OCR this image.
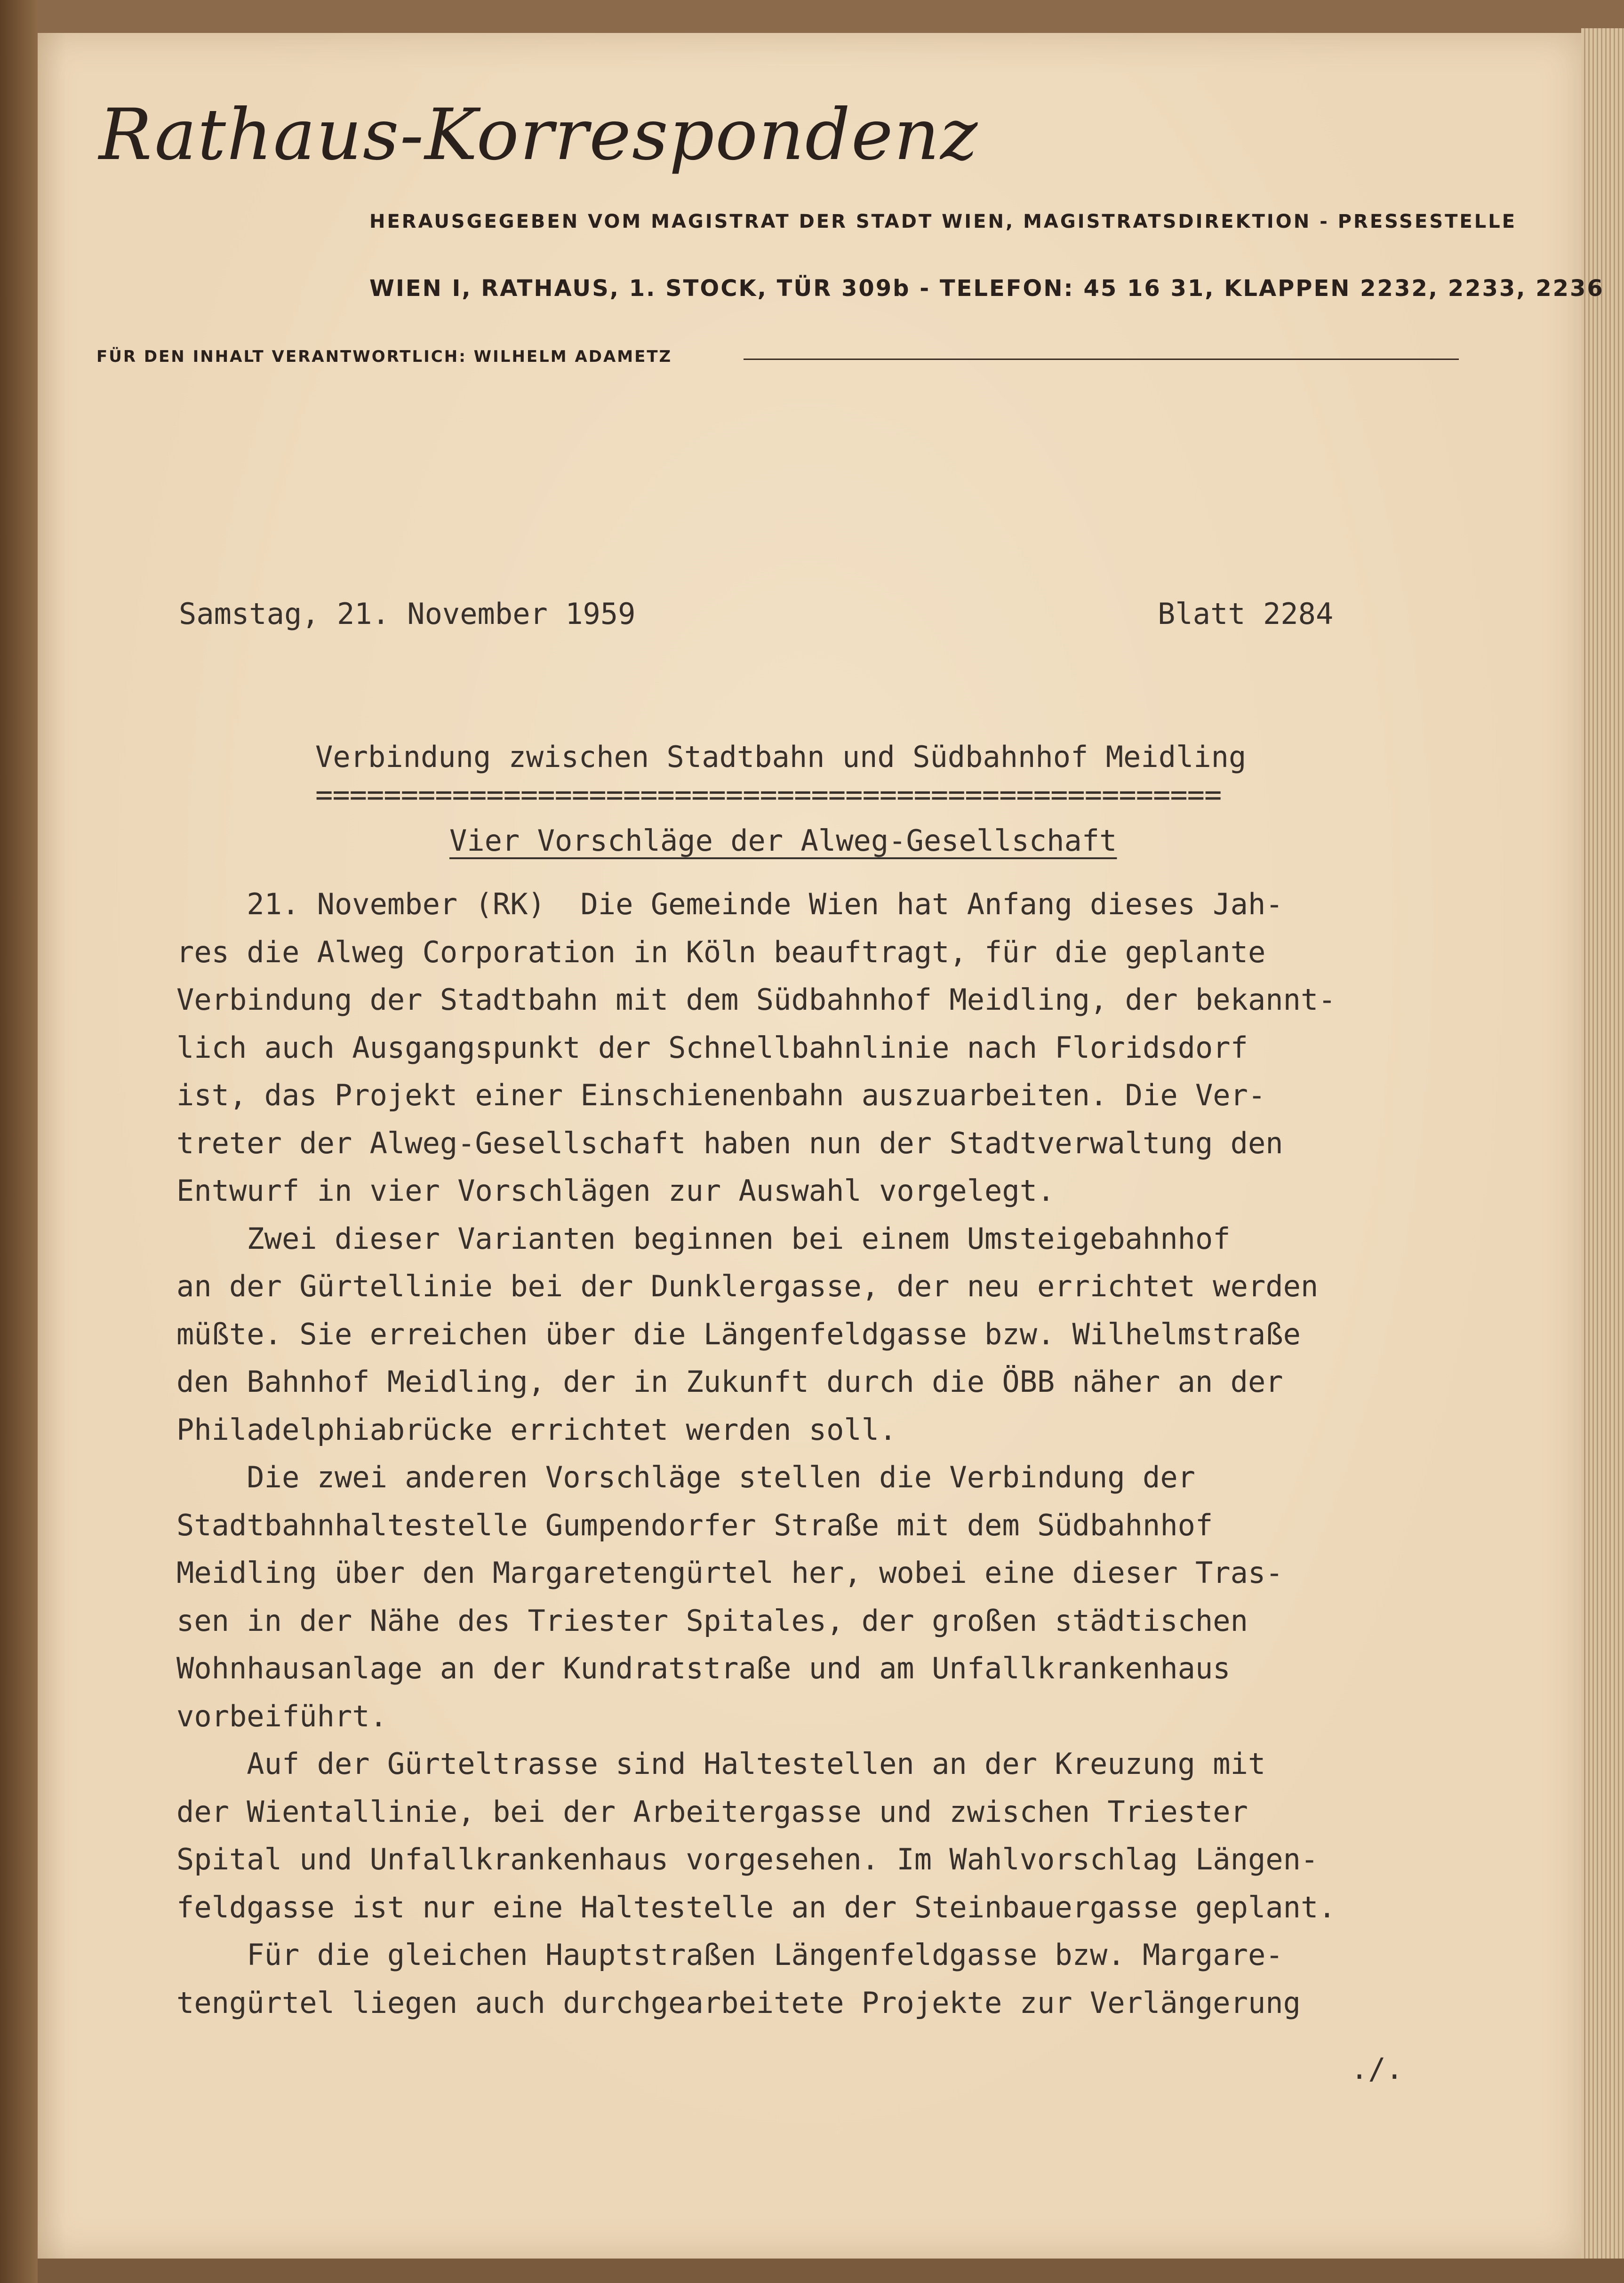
Rathaus-Korrespondenz
HERAUSGEGEBEN VOM MAGISTRAT DER STADT WIEN, MAGISTRATSDIREKTION - PRESSESTELLE
WIEN I, RATHAUS, 1. STOCK, TÜR 309b - TELEFON: 45 16 31, KLAPPEN 2232, 2233, 2236
FÜR DEN INHALT VERANTWORTLICH: WILHELM ADAMETZ
Samstag, 21. November 1959	Blatt 2284
Verbindung zwischen Stadtbahn und Südbahnhof Meidling
=====================================================
Vier Vorschläge der Alweg-Gesellschaft
21. November (RK)  Die Gemeinde Wien hat Anfang dieses Jah-
res die Alweg Corporation in Köln beauftragt, für die geplante
Verbindung der Stadtbahn mit dem Südbahnhof Meidling, der bekannt-
lich auch Ausgangspunkt der Schnellbahnlinie nach Floridsdorf
ist, das Projekt einer Einschienenbahn auszuarbeiten. Die Ver-
treter der Alweg-Gesellschaft haben nun der Stadtverwaltung den
Entwurf in vier Vorschlägen zur Auswahl vorgelegt.
Zwei dieser Varianten beginnen bei einem Umsteigebahnhof
an der Gürtellinie bei der Dunklergasse, der neu errichtet werden
müßte. Sie erreichen über die Längenfeldgasse bzw. Wilhelmstraße
den Bahnhof Meidling, der in Zukunft durch die ÖBB näher an der
Philadelphiabrücke errichtet werden soll.
Die zwei anderen Vorschläge stellen die Verbindung der
Stadtbahnhaltestelle Gumpendorfer Straße mit dem Südbahnhof
Meidling über den Margaretengürtel her, wobei eine dieser Tras-
sen in der Nähe des Triester Spitales, der großen städtischen
Wohnhausanlage an der Kundratstraße und am Unfallkrankenhaus
vorbeiführt.
Auf der Gürteltrasse sind Haltestellen an der Kreuzung mit
der Wientallinie, bei der Arbeitergasse und zwischen Triester
Spital und Unfallkrankenhaus vorgesehen. Im Wahlvorschlag Längen-
feldgasse ist nur eine Haltestelle an der Steinbauergasse geplant.
Für die gleichen Hauptstraßen Längenfeldgasse bzw. Margare-
tengürtel liegen auch durchgearbeitete Projekte zur Verlängerung
./.
